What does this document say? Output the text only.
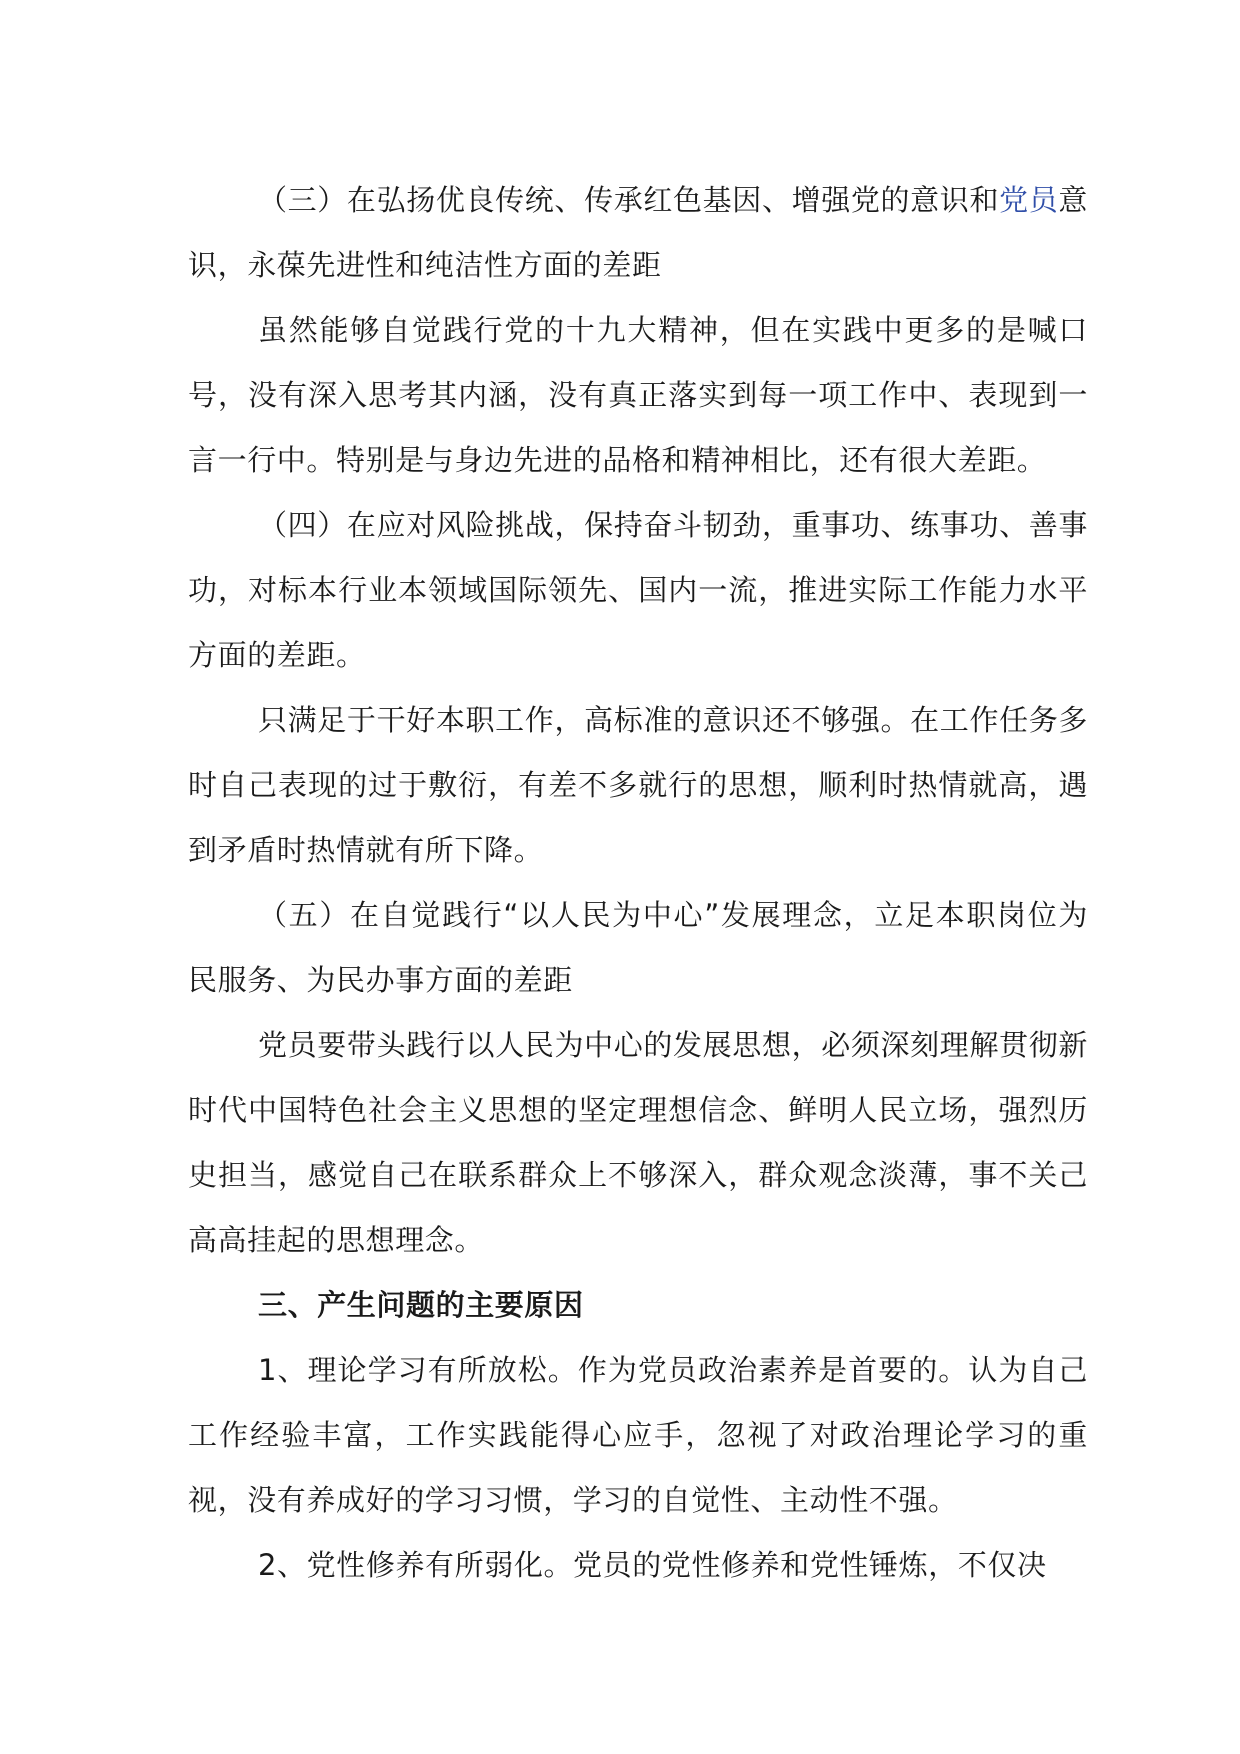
（三）在弘扬优良传统、传承红色基因、增强党的意识和党员意识，永葆先进性和纯洁性方面的差距

虽然能够自觉践行党的十九大精神，但在实践中更多的是喊口号，没有深入思考其内涵，没有真正落实到每一项工作中、表现到一言一行中。特别是与身边先进的品格和精神相比，还有很大差距。

（四）在应对风险挑战，保持奋斗韧劲，重事功、练事功、善事功，对标本行业本领域国际领先、国内一流，推进实际工作能力水平方面的差距。

只满足于干好本职工作，高标准的意识还不够强。在工作任务多时自己表现的过于敷衍，有差不多就行的思想，顺利时热情就高，遇到矛盾时热情就有所下降。

（五）在自觉践行“以人民为中心”发展理念，立足本职岗位为民服务、为民办事方面的差距

党员要带头践行以人民为中心的发展思想，必须深刻理解贯彻新时代中国特色社会主义思想的坚定理想信念、鲜明人民立场，强烈历史担当，感觉自己在联系群众上不够深入，群众观念淡薄，事不关己高高挂起的思想理念。

三、产生问题的主要原因

1、理论学习有所放松。作为党员政治素养是首要的。认为自己工作经验丰富，工作实践能得心应手，忽视了对政治理论学习的重视，没有养成好的学习习惯，学习的自觉性、主动性不强。

2、党性修养有所弱化。党员的党性修养和党性锤炼，不仅决
